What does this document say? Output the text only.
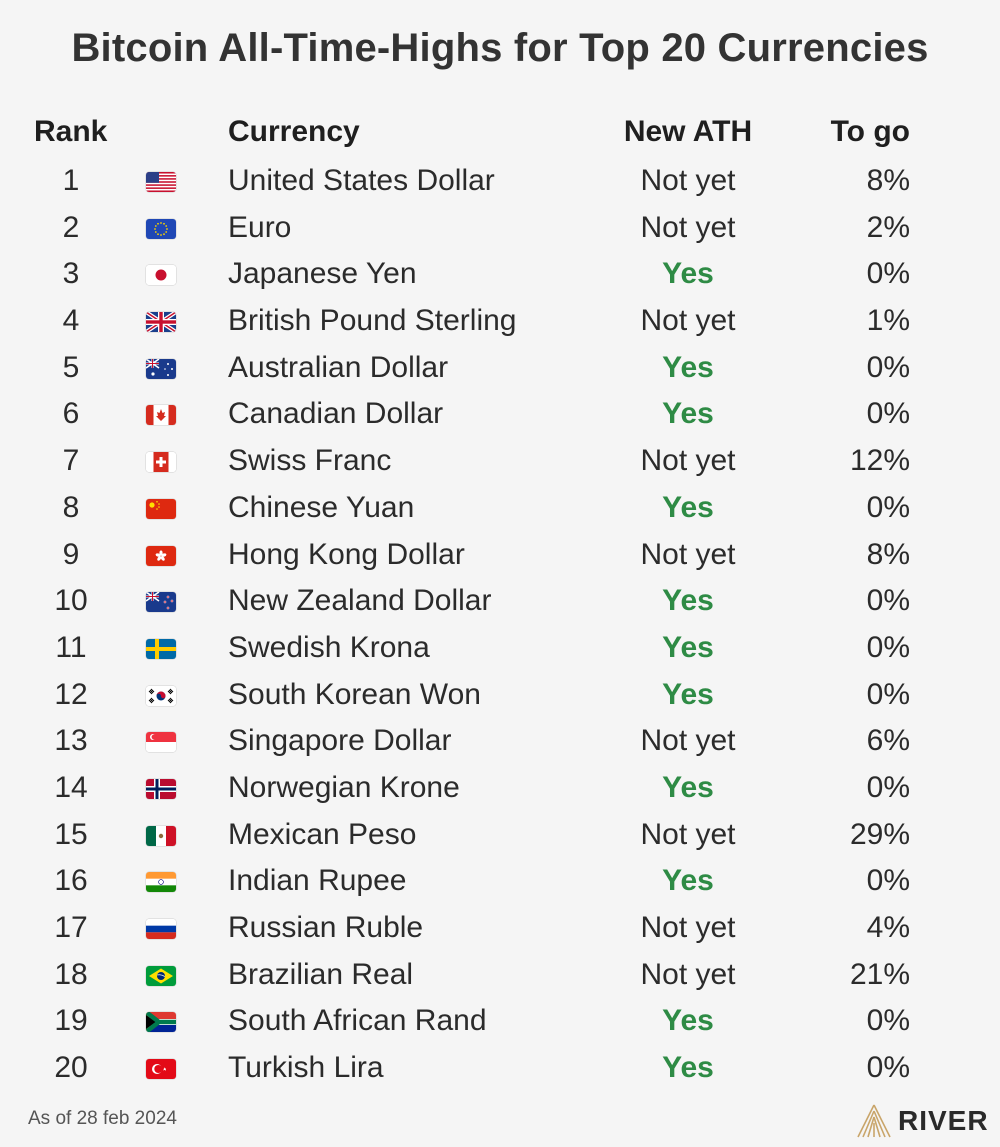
Bitcoin All-Time-Highs for Top 20 Currencies
Rank	Currency	New ATH	To go
1	United States Dollar	Not yet	8%
2	Euro	Not yet	2%
3	Japanese Yen	Yes	0%
4	British Pound Sterling	Not yet	1%
5	Australian Dollar	Yes	0%
6	Canadian Dollar	Yes	0%
7	Swiss Franc	Not yet	12%
8	Chinese Yuan	Yes	0%
9	Hong Kong Dollar	Not yet	8%
10	New Zealand Dollar	Yes	0%
11	Swedish Krona	Yes	0%
12	South Korean Won	Yes	0%
13	Singapore Dollar	Not yet	6%
14	Norwegian Krone	Yes	0%
15	Mexican Peso	Not yet	29%
16	Indian Rupee	Yes	0%
17	Russian Ruble	Not yet	4%
18	Brazilian Real	Not yet	21%
19	South African Rand	Yes	0%
20	Turkish Lira	Yes	0%
As of 28 feb 2024	RIVER
